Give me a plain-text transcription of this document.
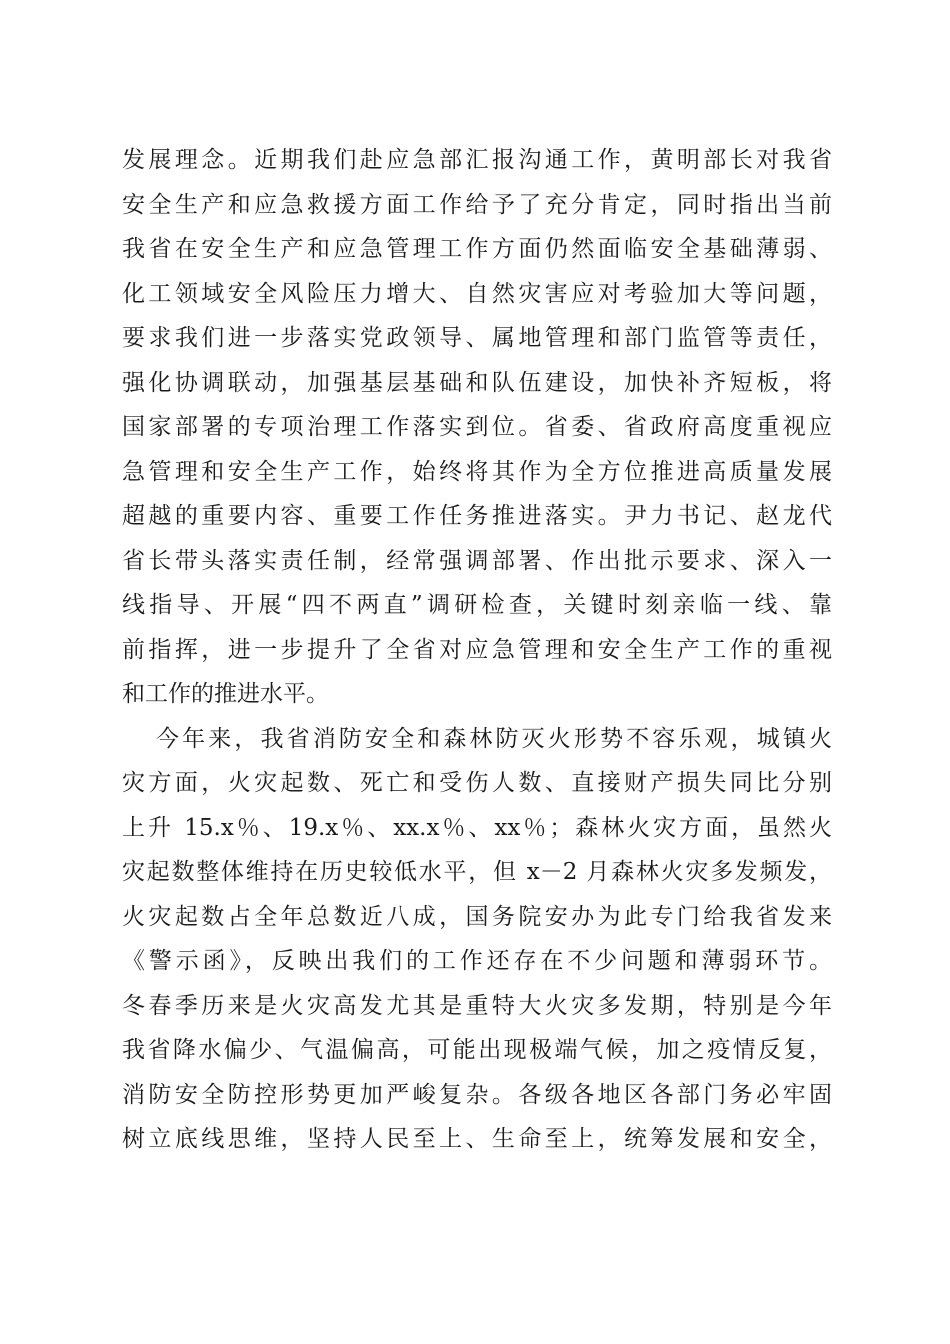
发展理念。近期我们赴应急部汇报沟通工作，黄明部长对我省
安全生产和应急救援方面工作给予了充分肯定，同时指出当前
我省在安全生产和应急管理工作方面仍然面临安全基础薄弱、
化工领域安全风险压力增大、自然灾害应对考验加大等问题，
要求我们进一步落实党政领导、属地管理和部门监管等责任，
强化协调联动，加强基层基础和队伍建设，加快补齐短板，将
国家部署的专项治理工作落实到位。省委、省政府高度重视应
急管理和安全生产工作，始终将其作为全方位推进高质量发展
超越的重要内容、重要工作任务推进落实。尹力书记、赵龙代
省长带头落实责任制，经常强调部署、作出批示要求、深入一
线指导、开展“四不两直”调研检查，关键时刻亲临一线、靠
前指挥，进一步提升了全省对应急管理和安全生产工作的重视
和工作的推进水平。
今年来，我省消防安全和森林防灭火形势不容乐观，城镇火
灾方面，火灾起数、死亡和受伤人数、直接财产损失同比分别
上升 15.x％、19.x％、xx.x％、xx％；森林火灾方面，虽然火
灾起数整体维持在历史较低水平，但 x－2 月森林火灾多发频发，
火灾起数占全年总数近八成，国务院安办为此专门给我省发来
《警示函》，反映出我们的工作还存在不少问题和薄弱环节。
冬春季历来是火灾高发尤其是重特大火灾多发期，特别是今年
我省降水偏少、气温偏高，可能出现极端气候，加之疫情反复，
消防安全防控形势更加严峻复杂。各级各地区各部门务必牢固
树立底线思维，坚持人民至上、生命至上，统筹发展和安全，
